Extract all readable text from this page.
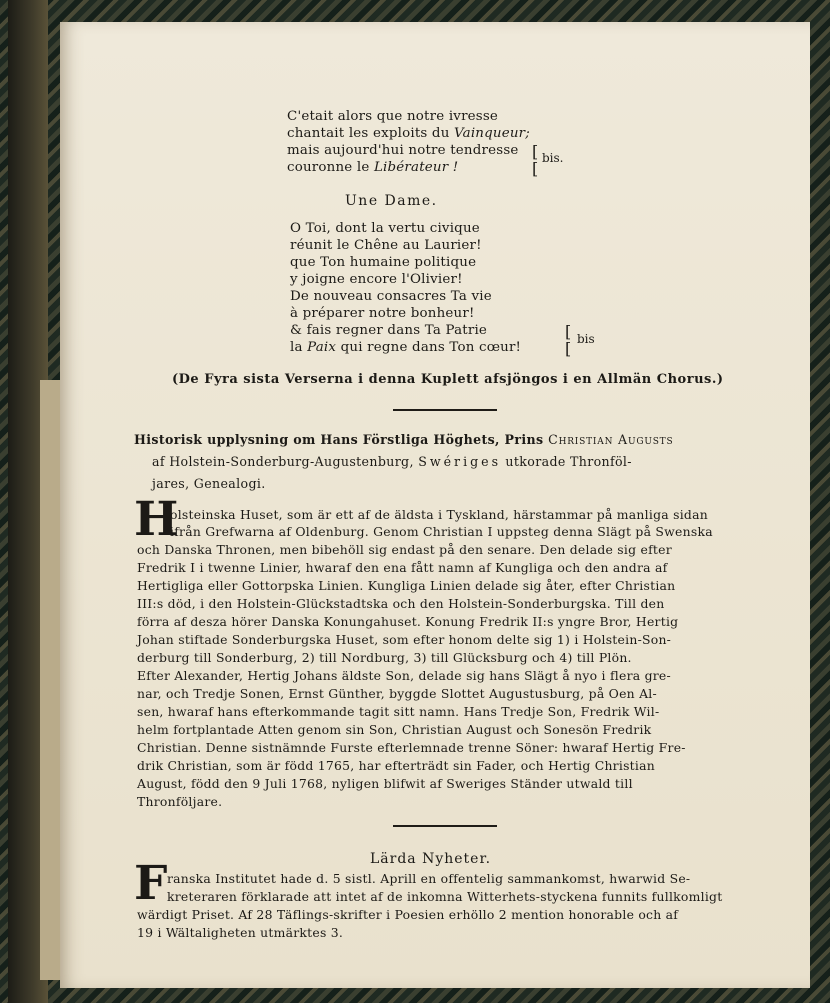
C'etait alors que notre ivresse
chantait les exploits du Vainqueur;
mais aujourd'hui notre tendresse
couronne le Libérateur !
[
[
bis.
Une Dame.
O Toi, dont la vertu civique
réunit le Chêne au Laurier!
que Ton humaine politique
y joigne encore l'Olivier!
De nouveau consacres Ta vie
à préparer notre bonheur!
& fais regner dans Ta Patrie
la Paix qui regne dans Ton cœur!
[
[ bis
(De Fyra sista Verserna i denna Kuplett afsjöngos i en Allmän Chorus.)
Historisk upplysning om Hans Förstliga Höghets, Prins Christian Augusts
af Holstein-Sonderburg-Augustenburg, Swériges utkorade Thronföl-
jares, Genealogi.
H
olsteinska Huset, som är ett af de äldsta i Tyskland, härstammar på manliga sidan
ifrån Grefwarna af Oldenburg. Genom Christian I uppsteg denna Slägt på Swenska
och Danska Thronen, men bibehöll sig endast på den senare. Den delade sig efter
Fredrik I i twenne Linier, hwaraf den ena fått namn af Kungliga och den andra af
Hertigliga eller Gottorpska Linien. Kungliga Linien delade sig åter, efter Christian
III:s död, i den Holstein-Glückstadtska och den Holstein-Sonderburgska. Till den
förra af desza hörer Danska Konungahuset. Konung Fredrik II:s yngre Bror, Hertig
Johan stiftade Sonderburgska Huset, som efter honom delte sig 1) i Holstein-Son-
derburg till Sonderburg, 2) till Nordburg, 3) till Glücksburg och 4) till Plön.
Efter Alexander, Hertig Johans äldste Son, delade sig hans Slägt å nyo i flera gre-
nar, och Tredje Sonen, Ernst Günther, byggde Slottet Augustusburg, på Oen Al-
sen, hwaraf hans efterkommande tagit sitt namn. Hans Tredje Son, Fredrik Wil-
helm fortplantade Atten genom sin Son, Christian August och Sonesön Fredrik
Christian. Denne sistnämnde Furste efterlemnade trenne Söner: hwaraf Hertig Fre-
drik Christian, som är född 1765, har efterträdt sin Fader, och Hertig Christian
August, född den 9 Juli 1768, nyligen blifwit af Sweriges Ständer utwald till
Thronföljare.
Lärda Nyheter.
F ranska Institutet hade d. 5 sistl. Aprill en offentelig sammankomst, hwarwid Se-
kreteraren förklarade att intet af de inkomna Witterhets-styckena funnits fullkomligt
wärdigt Priset. Af 28 Täflings-skrifter i Poesien erhöllo 2 mention honorable och af
19 i Wältaligheten utmärktes 3.
